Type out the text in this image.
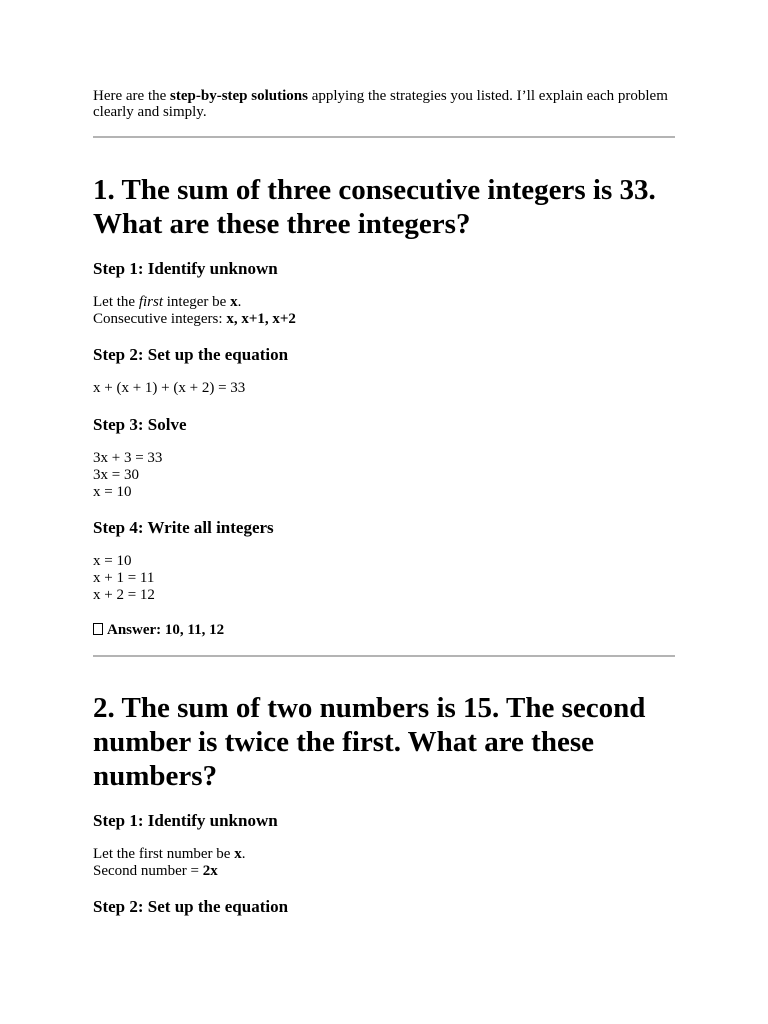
Here are the step-by-step solutions applying the strategies you listed. I’ll explain each problem clearly and simply.

1. The sum of three consecutive integers is 33. What are these three integers?
Step 1: Identify unknown

Let the first integer be x.

Consecutive integers: x, x+1, x+2

Step 2: Set up the equation

x + (x + 1) + (x + 2) = 33

Step 3: Solve

3x + 3 = 33

3x = 30

x = 10

Step 4: Write all integers

x = 10

x + 1 = 11

x + 2 = 12

Answer: 10, 11, 12

2. The sum of two numbers is 15. The second number is twice the first. What are these numbers?
Step 1: Identify unknown

Let the first number be x.

Second number = 2x

Step 2: Set up the equation
